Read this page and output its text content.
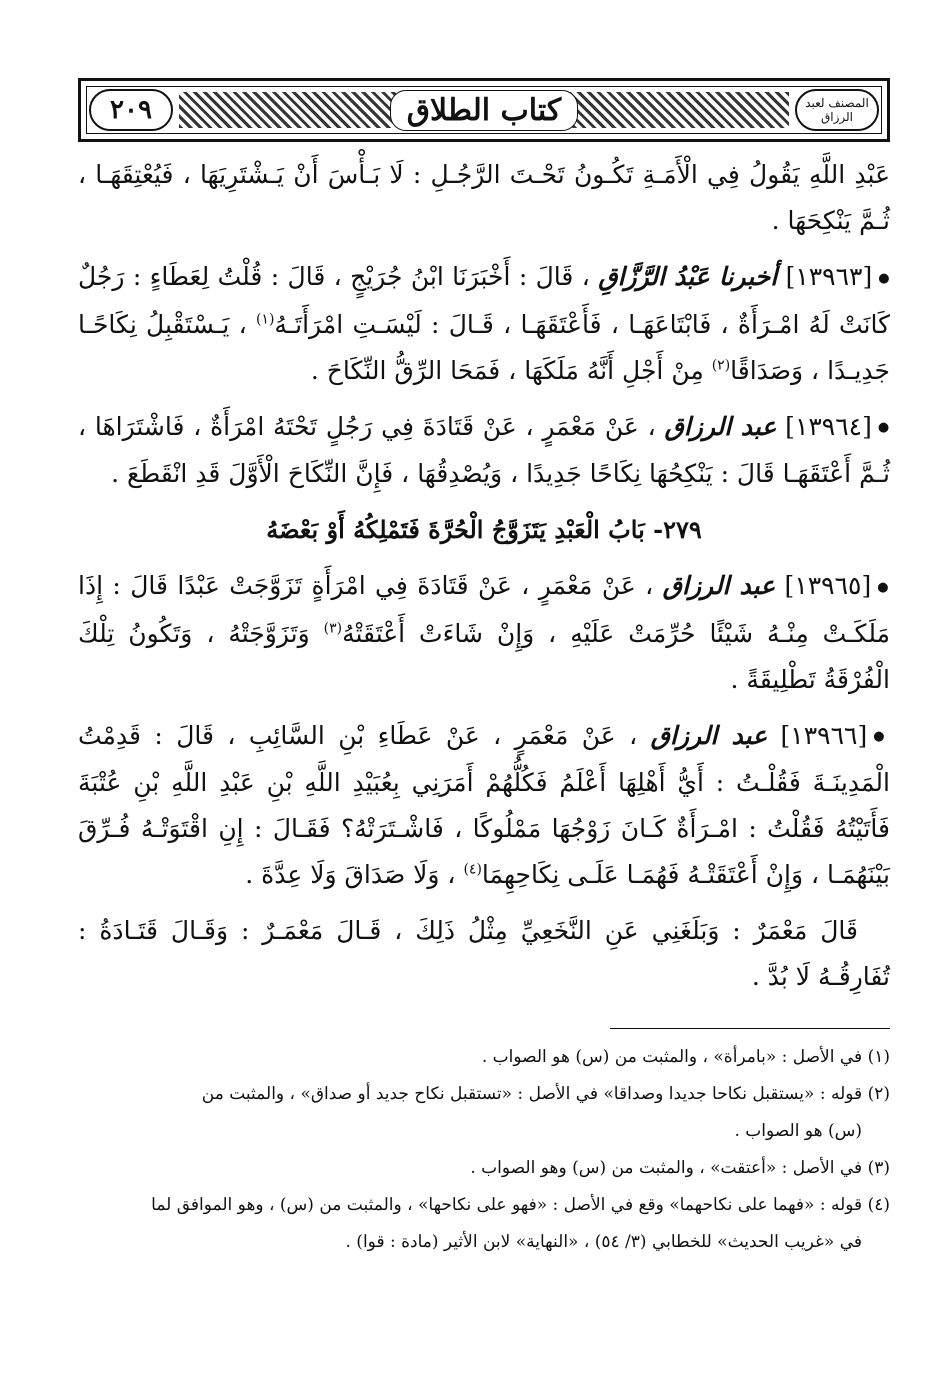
المصنف لعبد الرزاق
كتاب الطلاق
٢٠٩

عَبْدِ اللَّهِ يَقُولُ فِي الْأَمَـةِ تَكُـونُ تَحْـتَ الرَّجُـلِ : لَا بَـأْسَ أَنْ يَـشْتَرِيَهَا ، فَيُعْتِقَهَـا ، ثُـمَّ يَنْكِحَهَا .

● [١٣٩٦٣] أخبرنا عَبْدُ الرَّزَّاقِ ، قَالَ : أَخْبَرَنَا ابْنُ جُرَيْجٍ ، قَالَ : قُلْتُ لِعَطَاءٍ : رَجُلٌ كَانَتْ لَهُ امْـرَأَةٌ ، فَابْتَاعَهَـا ، فَأَعْتَقَهَـا ، قَـالَ : لَيْسَـتِ امْرَأَتَـهُ$^{(١)}$ ، يَـسْتَقْبِلُ نِكَاحًـا جَدِيـدًا ، وَصَدَاقًا$^{(٢)}$ مِنْ أَجْلِ أَنَّهُ مَلَكَهَا ، فَمَحَا الرِّقُّ النِّكَاحَ .

● [١٣٩٦٤] عبد الرزاق ، عَنْ مَعْمَرٍ ، عَنْ قَتَادَةَ فِي رَجُلٍ تَحْتَهُ امْرَأَةٌ ، فَاشْتَرَاهَا ، ثُـمَّ أَعْتَقَهَـا قَالَ : يَنْكِحُهَا نِكَاحًا جَدِيدًا ، وَيُصْدِقُهَا ، فَإِنَّ النِّكَاحَ الْأَوَّلَ قَدِ انْقَطَعَ .

٢٧٩- بَابُ الْعَبْدِ يَتَزَوَّجُ الْحُرَّةَ فَتَمْلِكُهُ أَوْ بَعْضَهُ

● [١٣٩٦٥] عبد الرزاق ، عَنْ مَعْمَرٍ ، عَنْ قَتَادَةَ فِي امْرَأَةٍ تَزَوَّجَتْ عَبْدًا قَالَ : إِذَا مَلَكَـتْ مِنْـهُ شَيْئًا حُرِّمَتْ عَلَيْهِ ، وَإِنْ شَاءَتْ أَعْتَقَتْهُ$^{(٣)}$ وَتَزَوَّجَتْهُ ، وَتَكُونُ تِلْكَ الْفُرْقَةُ تَطْلِيقَةً .

● [١٣٩٦٦] عبد الرزاق ، عَنْ مَعْمَرٍ ، عَنْ عَطَاءِ بْنِ السَّائِبِ ، قَالَ : قَدِمْتُ الْمَدِينَـةَ فَقُلْـتُ : أَيُّ أَهْلِهَا أَعْلَمُ فَكُلُّهُمْ أَمَرَنِي بِعُبَيْدِ اللَّهِ بْنِ عَبْدِ اللَّهِ بْنِ عُتْبَةَ فَأَتَيْتُهُ فَقُلْتُ : امْـرَأَةٌ كَـانَ زَوْجُهَا مَمْلُوكًا ، فَاشْـتَرَتْهُ؟ فَقَـالَ : إِنِ اقْتَوَتْـهُ فُـرِّقَ بَيْنَهُمَـا ، وَإِنْ أَعْتَقَتْـهُ فَهُمَـا عَلَـى نِكَاحِهِمَا$^{(٤)}$ ، وَلَا صَدَاقَ وَلَا عِدَّةَ .

قَالَ مَعْمَرٌ : وَبَلَغَنِي عَنِ النَّخَعِيِّ مِثْلُ ذَلِكَ ، قَـالَ مَعْمَـرٌ : وَقَـالَ قَتَـادَةُ : تُفَارِقُـهُ لَا بُدَّ .

(١) في الأصل : «بامرأة» ، والمثبت من (س) هو الصواب .

(٢) قوله : «يستقبل نكاحا جديدا وصداقا» في الأصل : «تستقبل نكاح جديد أو صداق» ، والمثبت من

(س) هو الصواب .

(٣) في الأصل : «أعتقت» ، والمثبت من (س) وهو الصواب .

(٤) قوله : «فهما على نكاحهما» وقع في الأصل : «فهو على نكاحها» ، والمثبت من (س) ، وهو الموافق لما

في «غريب الحديث» للخطابي (٣/ ٥٤) ، «النهاية» لابن الأثير (مادة : قوا) .
